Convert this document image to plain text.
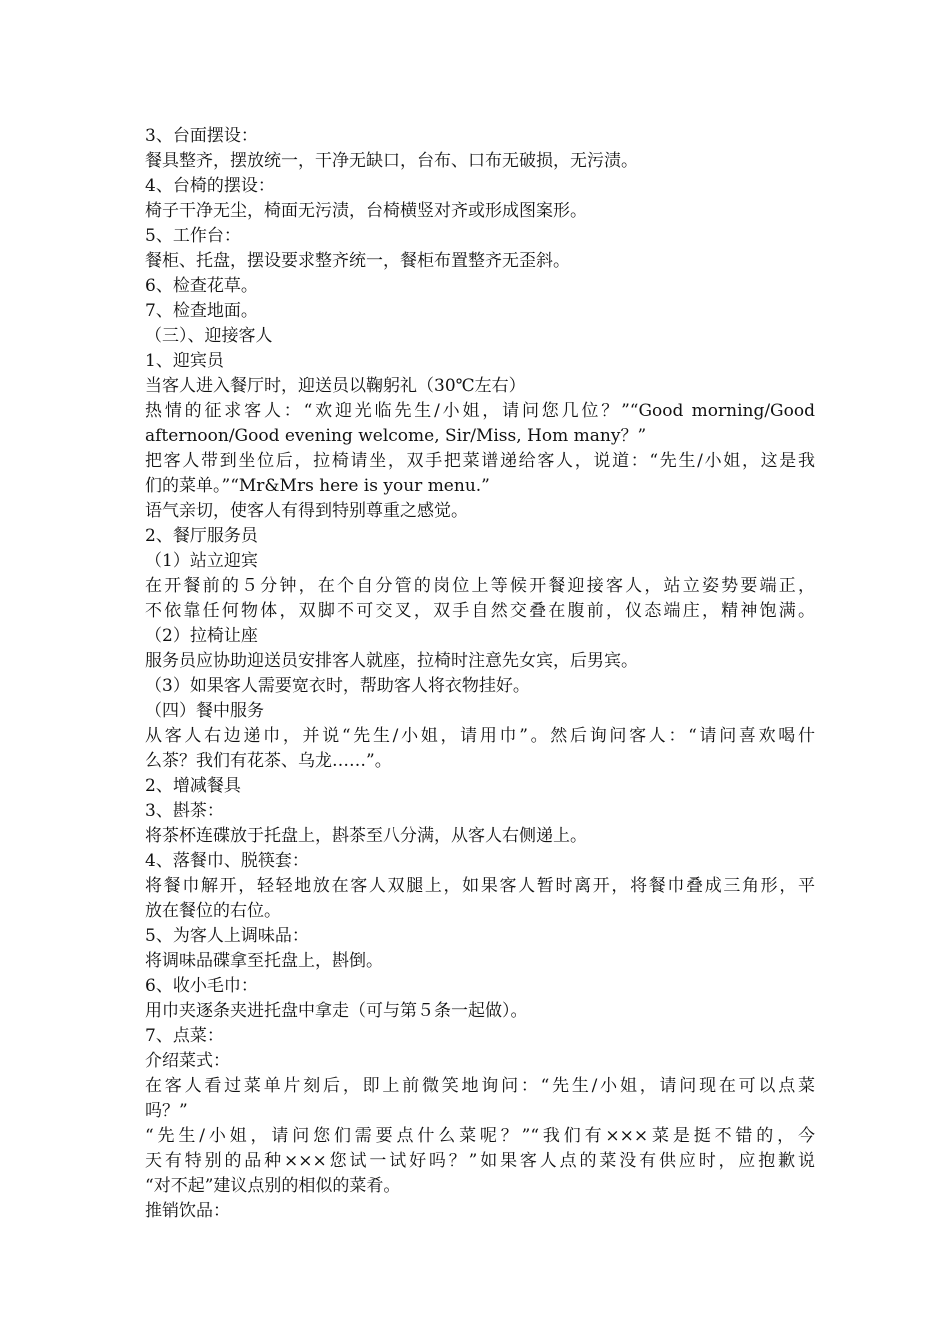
3、台面摆设：
餐具整齐，摆放统一，干净无缺口，台布、口布无破损，无污渍。
4、台椅的摆设：
椅子干净无尘，椅面无污渍，台椅横竖对齐或形成图案形。
5、工作台：
餐柜、托盘，摆设要求整齐统一，餐柜布置整齐无歪斜。
6、检查花草。
7、检查地面。
（三）、迎接客人
1、迎宾员
当客人进入餐厅时，迎送员以鞠躬礼（30℃左右）
热情的征求客人：“欢迎光临先生/小姐，请问您几位？”“Good morning/Good
afternoon/Good evening welcome, Sir/Miss, Hom many？”
把客人带到坐位后，拉椅请坐，双手把菜谱递给客人，说道：“先生/小姐，这是我
们的菜单。”“Mr&Mrs here is your menu.”
语气亲切，使客人有得到特别尊重之感觉。
2、餐厅服务员
（1）站立迎宾
在开餐前的５分钟，在个自分管的岗位上等候开餐迎接客人，站立姿势要端正，
不依靠任何物体，双脚不可交叉，双手自然交叠在腹前，仪态端庄，精神饱满。
（2）拉椅让座
服务员应协助迎送员安排客人就座，拉椅时注意先女宾，后男宾。
（3）如果客人需要宽衣时，帮助客人将衣物挂好。
（四）餐中服务
从客人右边递巾，并说“先生/小姐，请用巾”。然后询问客人：“请问喜欢喝什
么茶？我们有花茶、乌龙……”。
2、增减餐具
3、斟茶：
将茶杯连碟放于托盘上，斟茶至八分满，从客人右侧递上。
4、落餐巾、脱筷套：
将餐巾解开，轻轻地放在客人双腿上，如果客人暂时离开，将餐巾叠成三角形，平
放在餐位的右位。
5、为客人上调味品：
将调味品碟拿至托盘上，斟倒。
6、收小毛巾：
用巾夹逐条夹进托盘中拿走（可与第５条一起做）。
7、点菜：
介绍菜式：
在客人看过菜单片刻后，即上前微笑地询问：“先生/小姐，请问现在可以点菜
吗？”
“先生/小姐，请问您们需要点什么菜呢？”“我们有×××菜是挺不错的，今
天有特别的品种×××您试一试好吗？”如果客人点的菜没有供应时，应抱歉说
“对不起”建议点别的相似的菜肴。
推销饮品：
